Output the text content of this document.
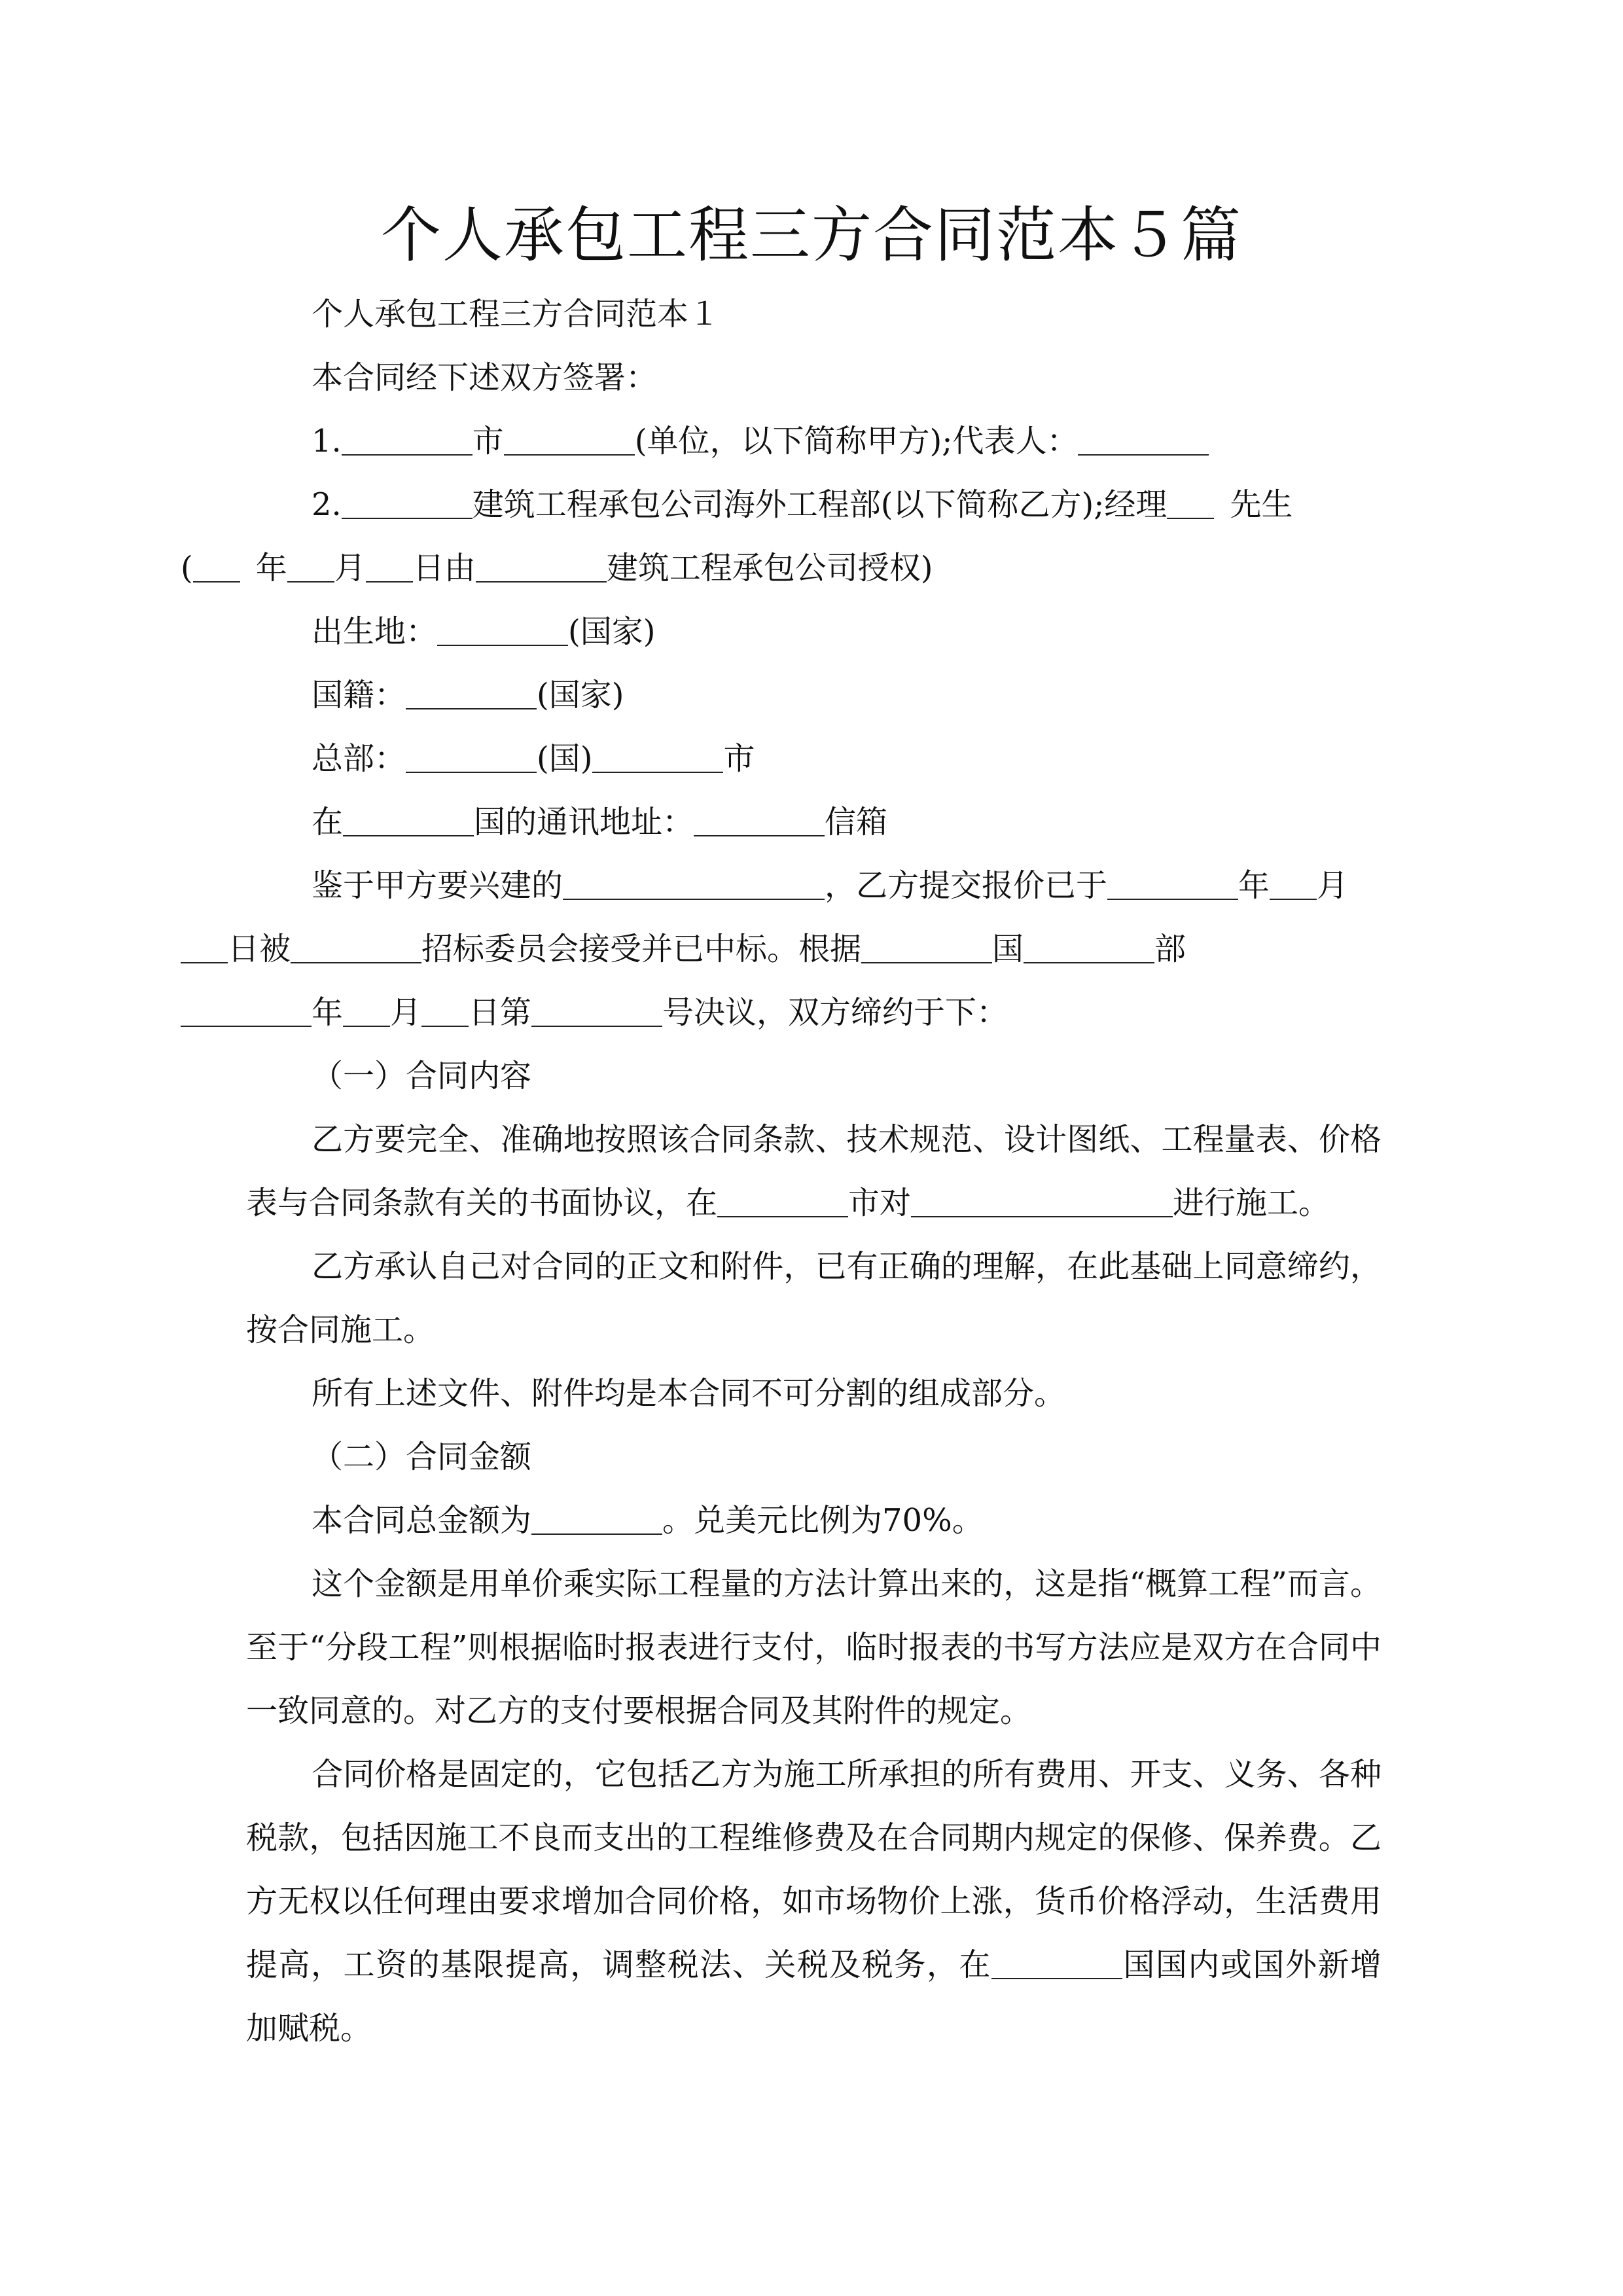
个人承包工程三方合同范本５篇

个人承包工程三方合同范本１

本合同经下述双方签署：

1.	市	(单位，以下简称甲方);代表人：

2.	建筑工程承包公司海外工程部(以下简称乙方);经理 先生
( 年 月 日由	建筑工程承包公司授权)

出生地：	(国家)

国籍：	(国家)

总部：	(国)	市

在	国的通讯地址：	信箱

鉴于甲方要兴建的	，乙方提交报价已于	年 月
日被	招标委员会接受并已中标。根据	国	部
年 月 日第	号决议，双方缔约于下：

（一）合同内容

乙方要完全、准确地按照该合同条款、技术规范、设计图纸、工程量表、价格表与合同条款有关的书面协议，在	市对	进行施工。

乙方承认自己对合同的正文和附件，已有正确的理解，在此基础上同意缔约，按合同施工。

所有上述文件、附件均是本合同不可分割的组成部分。

（二）合同金额

本合同总金额为	。兑美元比例为70%。

这个金额是用单价乘实际工程量的方法计算出来的，这是指“概算工程”而言。至于“分段工程”则根据临时报表进行支付，临时报表的书写方法应是双方在合同中一致同意的。对乙方的支付要根据合同及其附件的规定。

合同价格是固定的，它包括乙方为施工所承担的所有费用、开支、义务、各种税款，包括因施工不良而支出的工程维修费及在合同期内规定的保修、保养费。乙方无权以任何理由要求增加合同价格，如市场物价上涨，货币价格浮动，生活费用提高，工资的基限提高，调整税法、关税及税务，在	国国内或国外新增加赋税。
